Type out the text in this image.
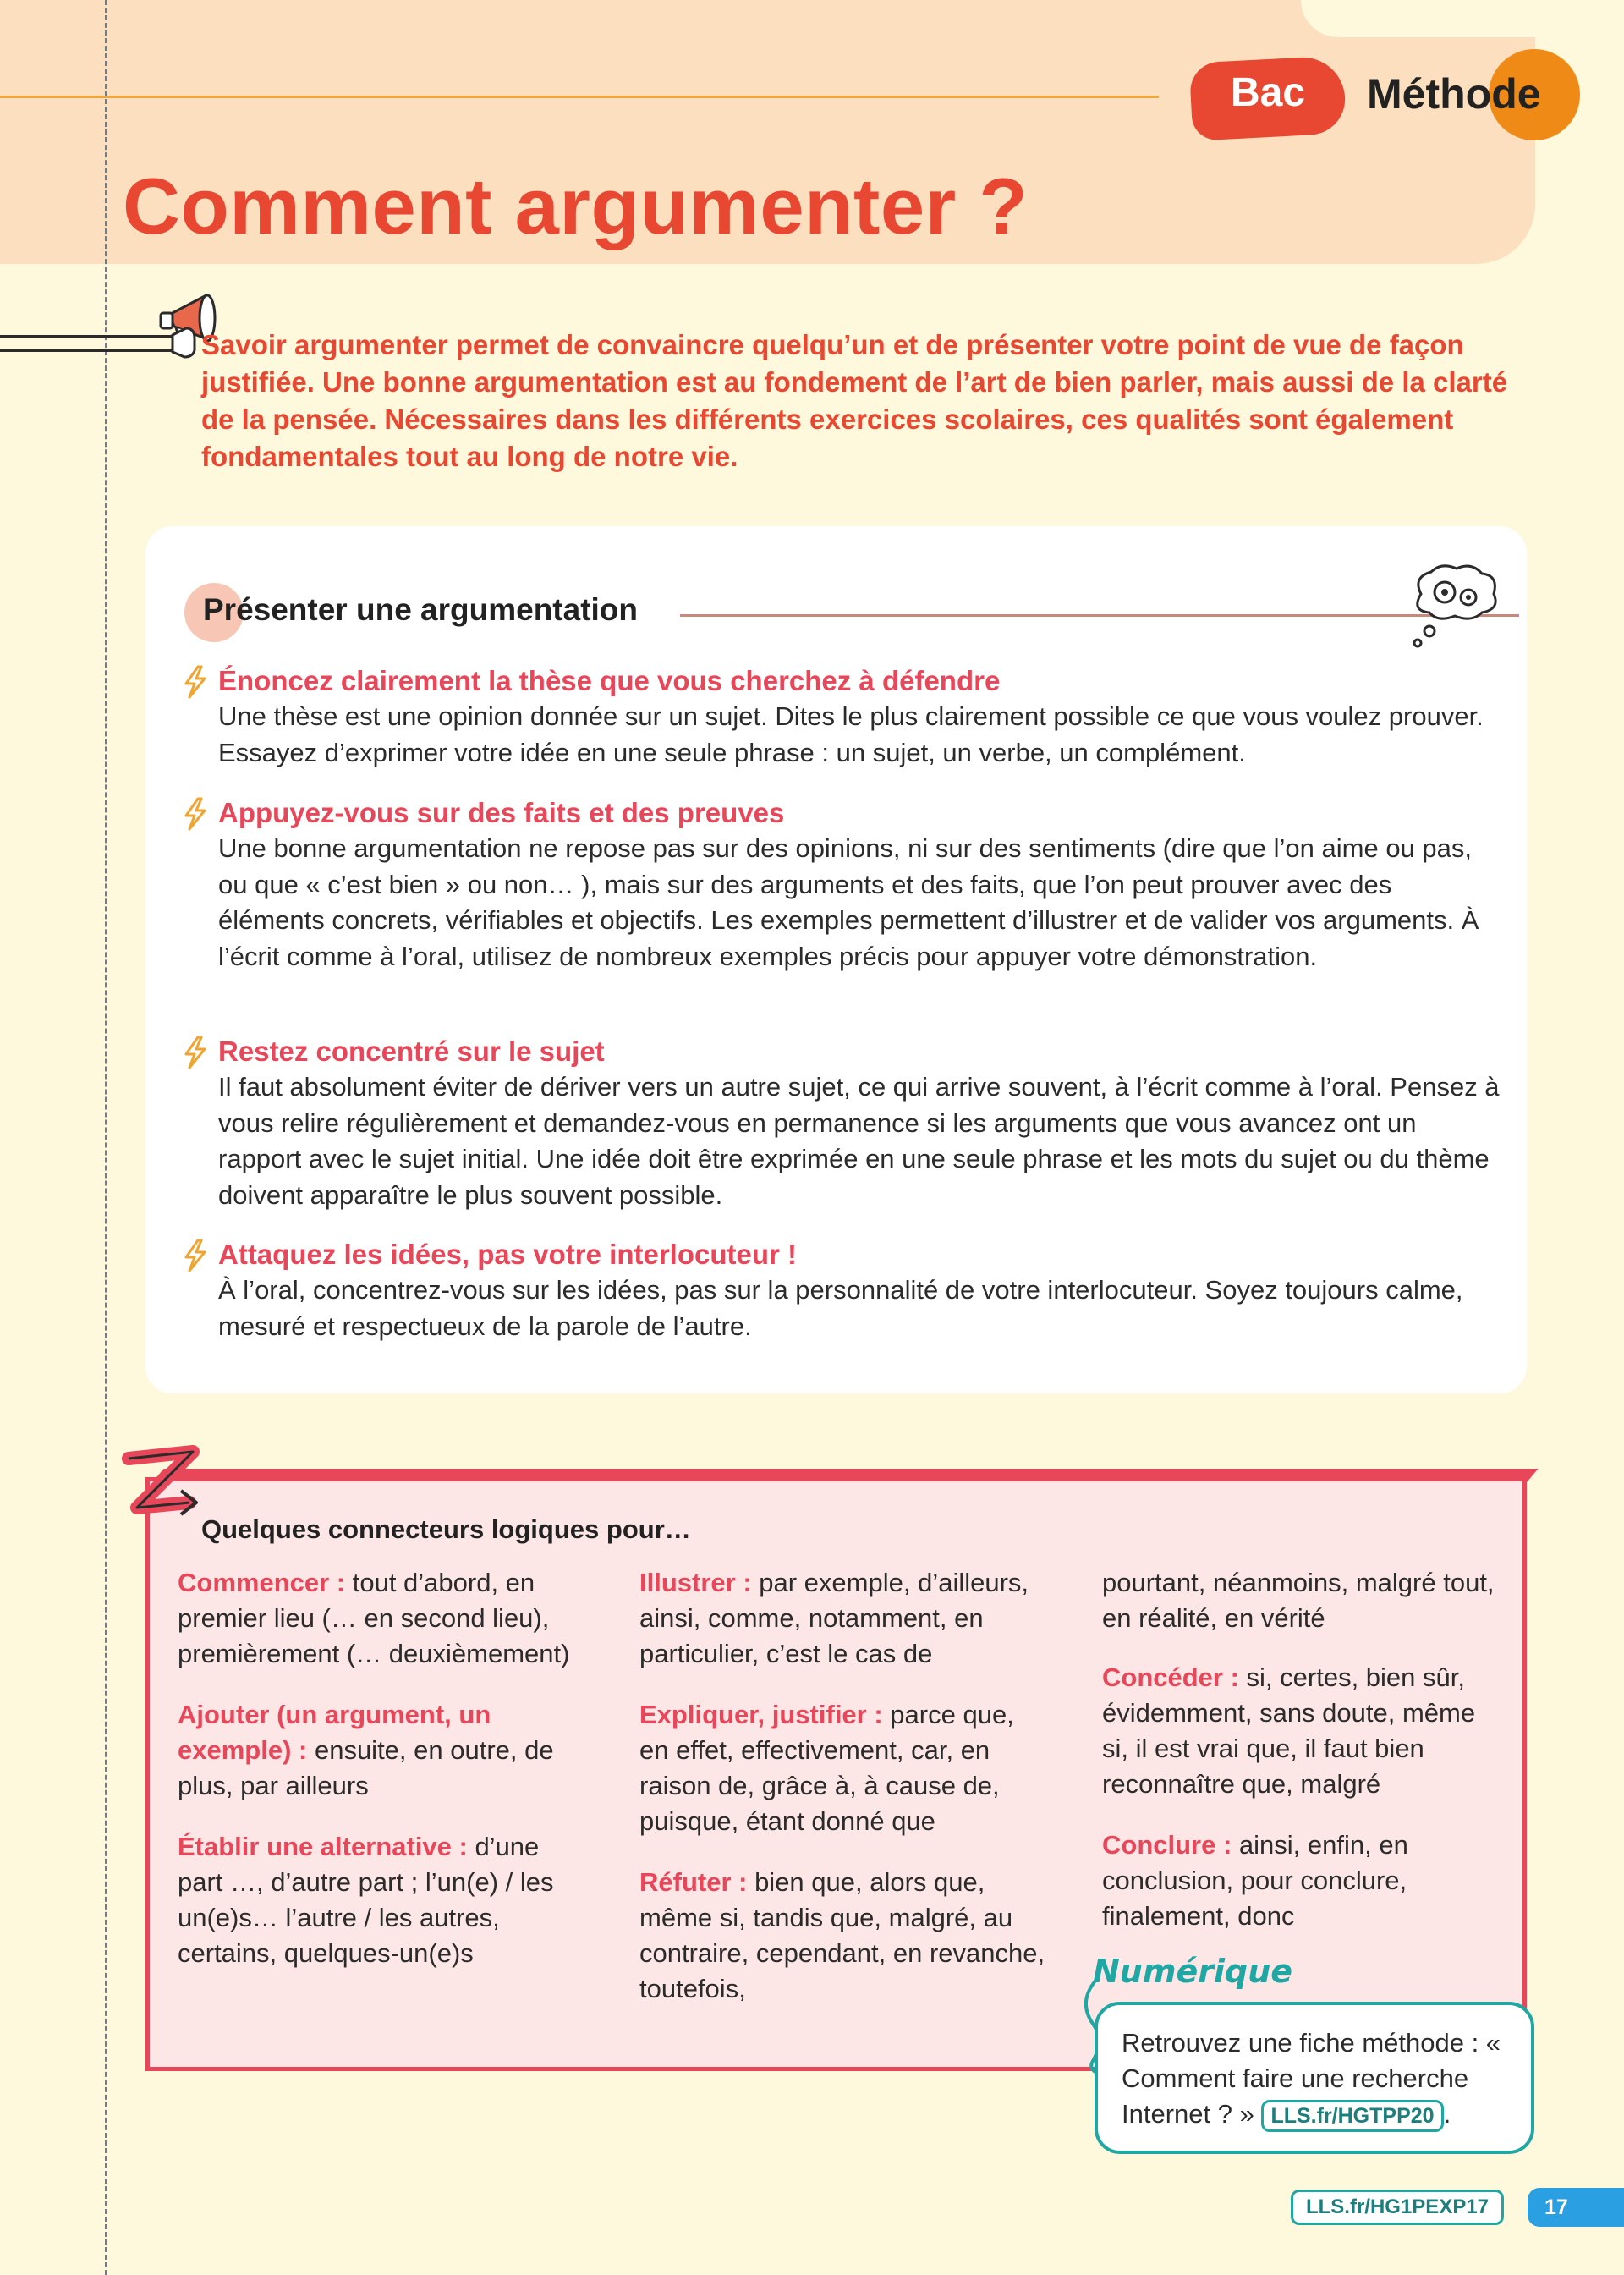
Bac	Méthode
Comment argumenter ?

Savoir argumenter permet de convaincre quelqu’un et de présenter votre point de vue de façon justifiée. Une bonne argumentation est au fondement de l’art de bien parler, mais aussi de la clarté de la pensée. Nécessaires dans les différents exercices scolaires, ces qualités sont également fondamentales tout au long de notre vie.

Présenter une argumentation
Énoncez clairement la thèse que vous cherchez à défendre

Une thèse est une opinion donnée sur un sujet. Dites le plus clairement possible ce que vous voulez prouver. Essayez d’exprimer votre idée en une seule phrase : un sujet, un verbe, un complément.

Appuyez-vous sur des faits et des preuves

Une bonne argumentation ne repose pas sur des opinions, ni sur des sentiments (dire que l’on aime ou pas, ou que « c’est bien » ou non… ), mais sur des arguments et des faits, que l’on peut prouver avec des éléments concrets, vérifiables et objectifs. Les exemples permettent d’illustrer et de valider vos arguments. À l’écrit comme à l’oral, utilisez de nombreux exemples précis pour appuyer votre démonstration.

Restez concentré sur le sujet

Il faut absolument éviter de dériver vers un autre sujet, ce qui arrive souvent, à l’écrit comme à l’oral. Pensez à vous relire régulièrement et demandez-vous en permanence si les arguments que vous avancez ont un rapport avec le sujet initial. Une idée doit être exprimée en une seule phrase et les mots du sujet ou du thème doivent apparaître le plus souvent possible.

Attaquez les idées, pas votre interlocuteur !

À l’oral, concentrez-vous sur les idées, pas sur la personnalité de votre interlocuteur. Soyez toujours calme, mesuré et respectueux de la parole de l’autre.

Quelques connecteurs logiques pour…
Commencer : tout d’abord, en premier lieu (… en second lieu), premièrement (… deuxièmement)
Ajouter (un argument, un exemple) : ensuite, en outre, de plus, par ailleurs
Établir une alternative : d’une part …, d’autre part ; l’un(e) / les un(e)s… l’autre / les autres, certains, quelques-un(e)s
Illustrer : par exemple, d’ailleurs, ainsi, comme, notamment, en particulier, c’est le cas de
Expliquer, justifier : parce que, en effet, effectivement, car, en raison de, grâce à, à cause de, puisque, étant donné que
Réfuter : bien que, alors que, même si, tandis que, malgré, au contraire, cependant, en revanche, toutefois,
pourtant, néanmoins, malgré tout, en réalité, en vérité
Concéder : si, certes, bien sûr, évidemment, sans doute, même si, il est vrai que, il faut bien reconnaître que, malgré
Conclure : ainsi, enfin, en conclusion, pour conclure, finalement, donc
Numérique
Retrouvez une fiche méthode : « Comment faire une recherche Internet ? » LLS.fr/HGTPP20 .
LLS.fr/HG1PEXP17	17
